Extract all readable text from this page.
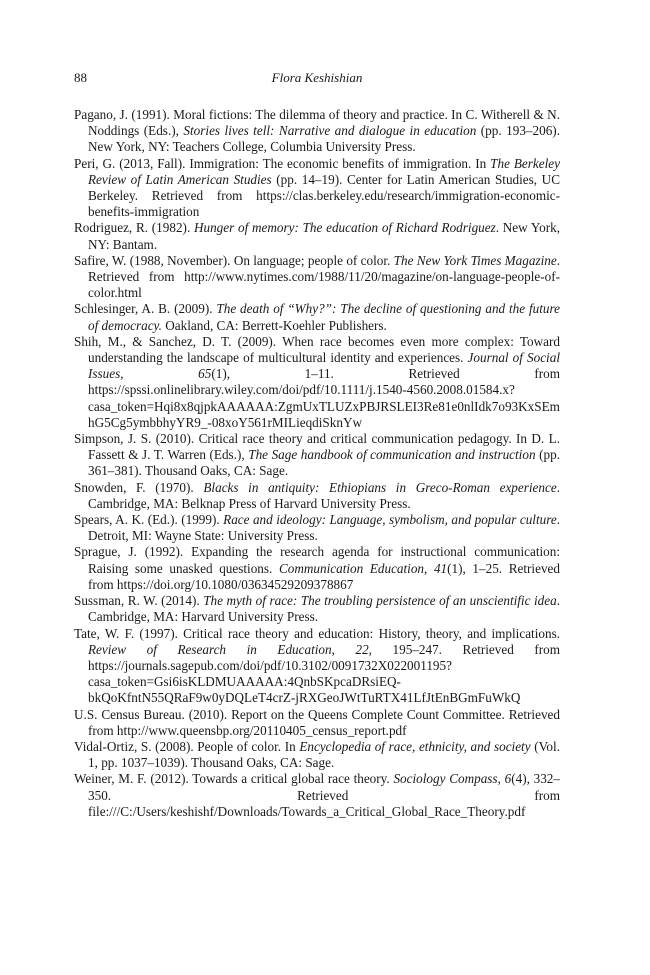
88	Flora Keshishian
Pagano, J. (1991). Moral fictions: The dilemma of theory and practice. In C. Witherell & N. Noddings (Eds.), Stories lives tell: Narrative and dialogue in education (pp. 193–206). New York, NY: Teachers College, Columbia University Press.
Peri, G. (2013, Fall). Immigration: The economic benefits of immigration. In The Berkeley Review of Latin American Studies (pp. 14–19). Center for Latin American Studies, UC Berkeley. Retrieved from https://clas.berkeley.edu/research/immigration-economic-benefits-immigration
Rodriguez, R. (1982). Hunger of memory: The education of Richard Rodriguez. New York, NY: Bantam.
Safire, W. (1988, November). On language; people of color. The New York Times Magazine. Retrieved from http://www.nytimes.com/1988/11/20/magazine/on-language-people-of-color.html
Schlesinger, A. B. (2009). The death of “Why?”: The decline of questioning and the future of democracy. Oakland, CA: Berrett-Koehler Publishers.
Shih, M., & Sanchez, D. T. (2009). When race becomes even more complex: Toward understanding the landscape of multicultural identity and experiences. Journal of Social Issues, 65(1), 1–11. Retrieved from https://spssi.onlinelibrary.wiley.com/doi/pdf/10.1111/j.1540-4560.2008.01584.x?casa_token=Hqi8x8qjpkAAAAAA:ZgmUxTLUZxPBJRSLEI3Re81e0nlIdk7o93KxSEmhG5Cg5ymbbhyYR9_-08xoY561rMILieqdiSknYw
Simpson, J. S. (2010). Critical race theory and critical communication pedagogy. In D. L. Fassett & J. T. Warren (Eds.), The Sage handbook of communication and instruction (pp. 361–381). Thousand Oaks, CA: Sage.
Snowden, F. (1970). Blacks in antiquity: Ethiopians in Greco-Roman experience. Cambridge, MA: Belknap Press of Harvard University Press.
Spears, A. K. (Ed.). (1999). Race and ideology: Language, symbolism, and popular culture. Detroit, MI: Wayne State: University Press.
Sprague, J. (1992). Expanding the research agenda for instructional communication: Raising some unasked questions. Communication Education, 41(1), 1–25. Retrieved from https://doi.org/10.1080/03634529209378867
Sussman, R. W. (2014). The myth of race: The troubling persistence of an unscientific idea. Cambridge, MA: Harvard University Press.
Tate, W. F. (1997). Critical race theory and education: History, theory, and implications. Review of Research in Education, 22, 195–247. Retrieved from https://journals.sagepub.com/doi/pdf/10.3102/0091732X022001195?casa_token=Gsi6isKLDMUAAAAA:4QnbSKpcaDRsiEQ-bkQoKfntN55QRaF9w0yDQLeT4crZ-jRXGeoJWtTuRTX41LfJtEnBGmFuWkQ
U.S. Census Bureau. (2010). Report on the Queens Complete Count Committee. Retrieved from http://www.queensbp.org/20110405_census_report.pdf
Vidal-Ortiz, S. (2008). People of color. In Encyclopedia of race, ethnicity, and society (Vol. 1, pp. 1037–1039). Thousand Oaks, CA: Sage.
Weiner, M. F. (2012). Towards a critical global race theory. Sociology Compass, 6(4), 332–350. Retrieved from file:///C:/Users/keshishf/Downloads/Towards_a_Critical_Global_Race_Theory.pdf
